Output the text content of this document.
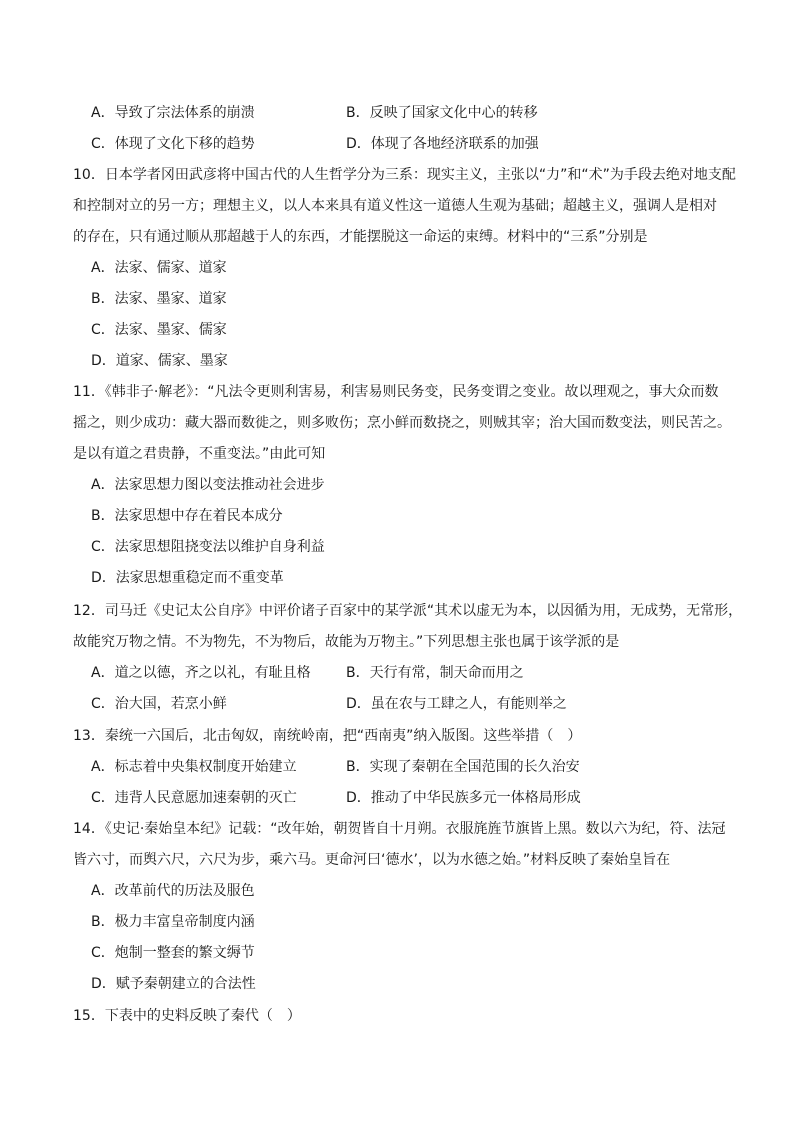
A．导致了宗法体系的崩溃	B．反映了国家文化中心的转移
C．体现了文化下移的趋势	D．体现了各地经济联系的加强
10．日本学者冈田武彦将中国古代的人生哲学分为三系：现实主义，主张以“力”和“术”为手段去绝对地支配
和控制对立的另一方；理想主义，以人本来具有道义性这一道德人生观为基础；超越主义，强调人是相对
的存在，只有通过顺从那超越于人的东西，才能摆脱这一命运的束缚。材料中的“三系”分别是
A．法家、儒家、道家
B．法家、墨家、道家
C．法家、墨家、儒家
D．道家、儒家、墨家
11．《韩非子·解老》：“凡法令更则利害易，利害易则民务变，民务变谓之变业。故以理观之，事大众而数
摇之，则少成功：藏大器而数徙之，则多败伤；烹小鲜而数挠之，则贼其宰；治大国而数变法，则民苦之。
是以有道之君贵静，不重变法。”由此可知
A．法家思想力图以变法推动社会进步
B．法家思想中存在着民本成分
C．法家思想阻挠变法以维护自身利益
D．法家思想重稳定而不重变革
12．司马迁《史记太公自序》中评价诸子百家中的某学派“其术以虚无为本，以因循为用，无成势，无常形，
故能究万物之情。不为物先，不为物后，故能为万物主。”下列思想主张也属于该学派的是
A．道之以德，齐之以礼，有耻且格	B．天行有常，制天命而用之
C．治大国，若烹小鲜	D．虽在农与工肆之人，有能则举之
13．秦统一六国后，北击匈奴，南统岭南，把“西南夷”纳入版图。这些举措（　）
A．标志着中央集权制度开始建立	B．实现了秦朝在全国范围的长久治安
C．违背人民意愿加速秦朝的灭亡	D．推动了中华民族多元一体格局形成
14．《史记·秦始皇本纪》记载：“改年始，朝贺皆自十月朔。衣服旄旌节旗皆上黑。数以六为纪，符、法冠
皆六寸，而舆六尺，六尺为步，乘六马。更命河曰‘德水’，以为水德之始。”材料反映了秦始皇旨在
A．改革前代的历法及服色
B．极力丰富皇帝制度内涵
C．炮制一整套的繁文缛节
D．赋予秦朝建立的合法性
15．下表中的史料反映了秦代（　）
